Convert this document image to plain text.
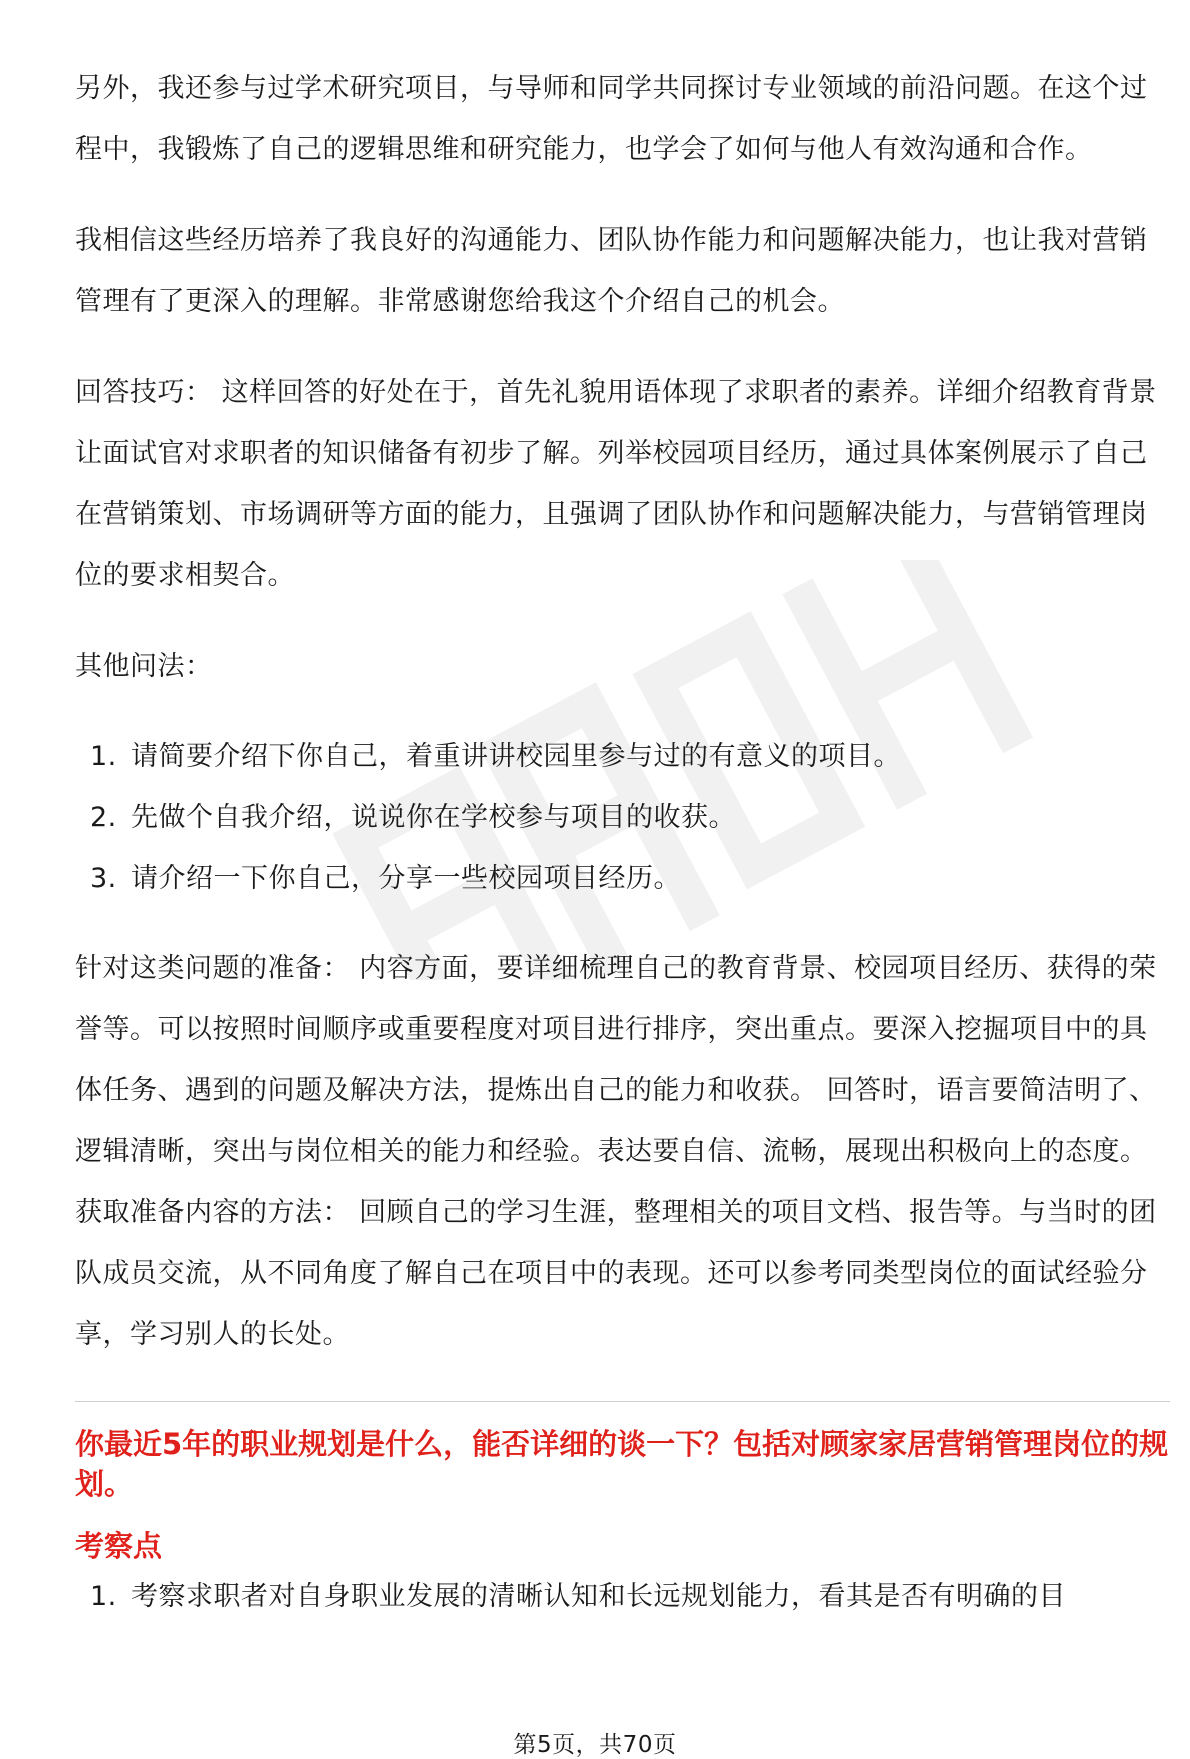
另外，我还参与过学术研究项目，与导师和同学共同探讨专业领域的前沿问题。在这个过程中，我锻炼了自己的逻辑思维和研究能力，也学会了如何与他人有效沟通和合作。

我相信这些经历培养了我良好的沟通能力、团队协作能力和问题解决能力，也让我对营销管理有了更深入的理解。非常感谢您给我这个介绍自己的机会。

回答技巧： 这样回答的好处在于，首先礼貌用语体现了求职者的素养。详细介绍教育背景让面试官对求职者的知识储备有初步了解。列举校园项目经历，通过具体案例展示了自己在营销策划、市场调研等方面的能力，且强调了团队协作和问题解决能力，与营销管理岗位的要求相契合。

其他问法：

1. 请简要介绍下你自己，着重讲讲校园里参与过的有意义的项目。
2. 先做个自我介绍，说说你在学校参与项目的收获。
3. 请介绍一下你自己，分享一些校园项目经历。

针对这类问题的准备： 内容方面，要详细梳理自己的教育背景、校园项目经历、获得的荣誉等。可以按照时间顺序或重要程度对项目进行排序，突出重点。要深入挖掘项目中的具体任务、遇到的问题及解决方法，提炼出自己的能力和收获。 回答时，语言要简洁明了、逻辑清晰，突出与岗位相关的能力和经验。表达要自信、流畅，展现出积极向上的态度。 获取准备内容的方法： 回顾自己的学习生涯，整理相关的项目文档、报告等。与当时的团队成员交流，从不同角度了解自己在项目中的表现。还可以参考同类型岗位的面试经验分享，学习别人的长处。

你最近5年的职业规划是什么，能否详细的谈一下？包括对顾家家居营销管理岗位的规划。

考察点

1. 考察求职者对自身职业发展的清晰认知和长远规划能力，看其是否有明确的目
第5页，共70页
